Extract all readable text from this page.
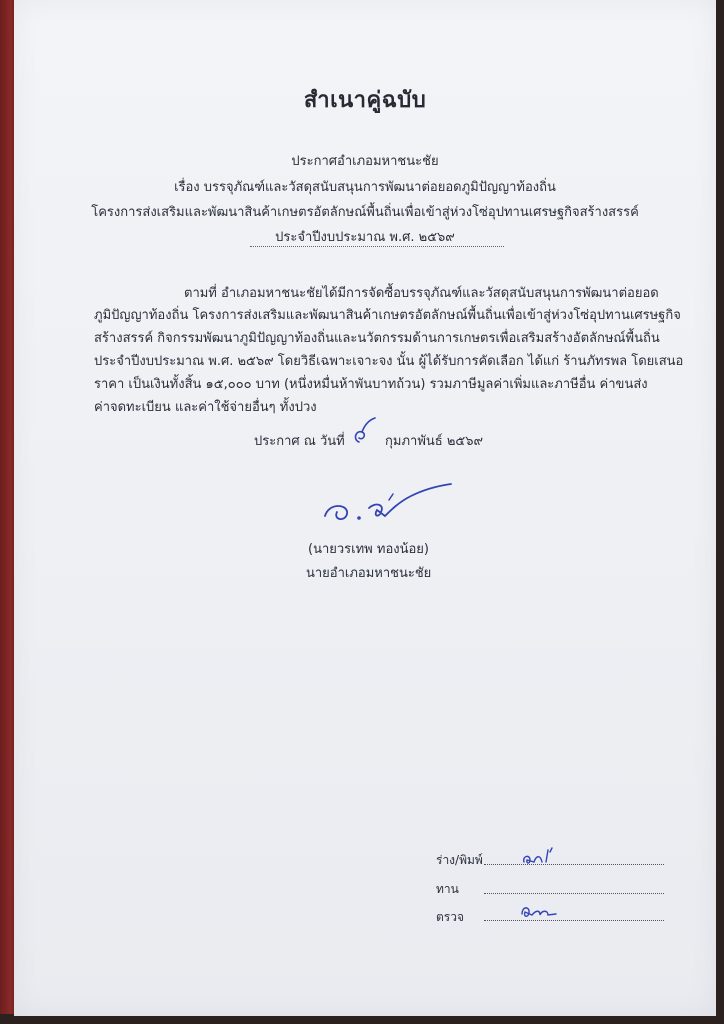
สำเนาคู่ฉบับ
ประกาศอำเภอมหาชนะชัย
เรื่อง บรรจุภัณฑ์และวัสดุสนับสนุนการพัฒนาต่อยอดภูมิปัญญาท้องถิ่น
โครงการส่งเสริมและพัฒนาสินค้าเกษตรอัตลักษณ์พื้นถิ่นเพื่อเข้าสู่ห่วงโซ่อุปทานเศรษฐกิจสร้างสรรค์
ประจำปีงบประมาณ พ.ศ. ๒๕๖๙
ตามที่ อำเภอมหาชนะชัยได้มีการจัดซื้อบรรจุภัณฑ์และวัสดุสนับสนุนการพัฒนาต่อยอด
ภูมิปัญญาท้องถิ่น โครงการส่งเสริมและพัฒนาสินค้าเกษตรอัตลักษณ์พื้นถิ่นเพื่อเข้าสู่ห่วงโซ่อุปทานเศรษฐกิจ
สร้างสรรค์ กิจกรรมพัฒนาภูมิปัญญาท้องถิ่นและนวัตกรรมด้านการเกษตรเพื่อเสริมสร้างอัตลักษณ์พื้นถิ่น
ประจำปีงบประมาณ พ.ศ. ๒๕๖๙ โดยวิธีเฉพาะเจาะจง นั้น ผู้ได้รับการคัดเลือก ได้แก่ ร้านภัทรพล โดยเสนอ
ราคา เป็นเงินทั้งสิ้น ๑๕,๐๐๐ บาท (หนึ่งหมื่นห้าพันบาทถ้วน) รวมภาษีมูลค่าเพิ่มและภาษีอื่น ค่าขนส่ง
ค่าจดทะเบียน และค่าใช้จ่ายอื่นๆ ทั้งปวง
ประกาศ ณ วันที่	กุมภาพันธ์ ๒๕๖๙
(นายวรเทพ ทองน้อย)
นายอำเภอมหาชนะชัย
ร่าง/พิมพ์
ทาน
ตรวจ
